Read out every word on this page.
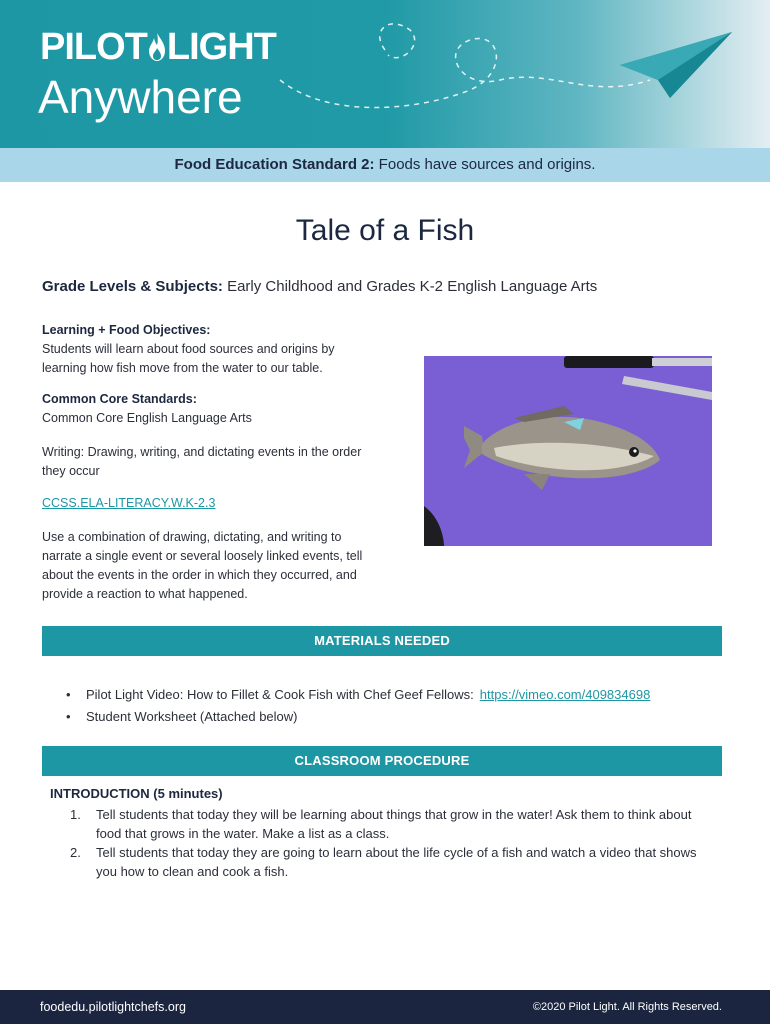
PILOT LIGHT
Anywhere
Food Education Standard 2: Foods have sources and origins.
Tale of a Fish
Grade Levels & Subjects: Early Childhood and Grades K-2 English Language Arts
Learning + Food Objectives:
Students will learn about food sources and origins by learning how fish move from the water to our table.
Common Core Standards:
Common Core English Language Arts
Writing: Drawing, writing, and dictating events in the order they occur
CCSS.ELA-LITERACY.W.K-2.3
Use a combination of drawing, dictating, and writing to narrate a single event or several loosely linked events, tell about the events in the order in which they occurred, and provide a reaction to what happened.
MATERIALS NEEDED
• Pilot Light Video: How to Fillet & Cook Fish with Chef Geef Fellows: https://vimeo.com/409834698
• Student Worksheet (Attached below)
CLASSROOM PROCEDURE
INTRODUCTION (5 minutes)
1. Tell students that today they will be learning about things that grow in the water! Ask them to think about food that grows in the water. Make a list as a class.
2. Tell students that today they are going to learn about the life cycle of a fish and watch a video that shows you how to clean and cook a fish.
foodedu.pilotlightchefs.org	©2020 Pilot Light. All Rights Reserved.
